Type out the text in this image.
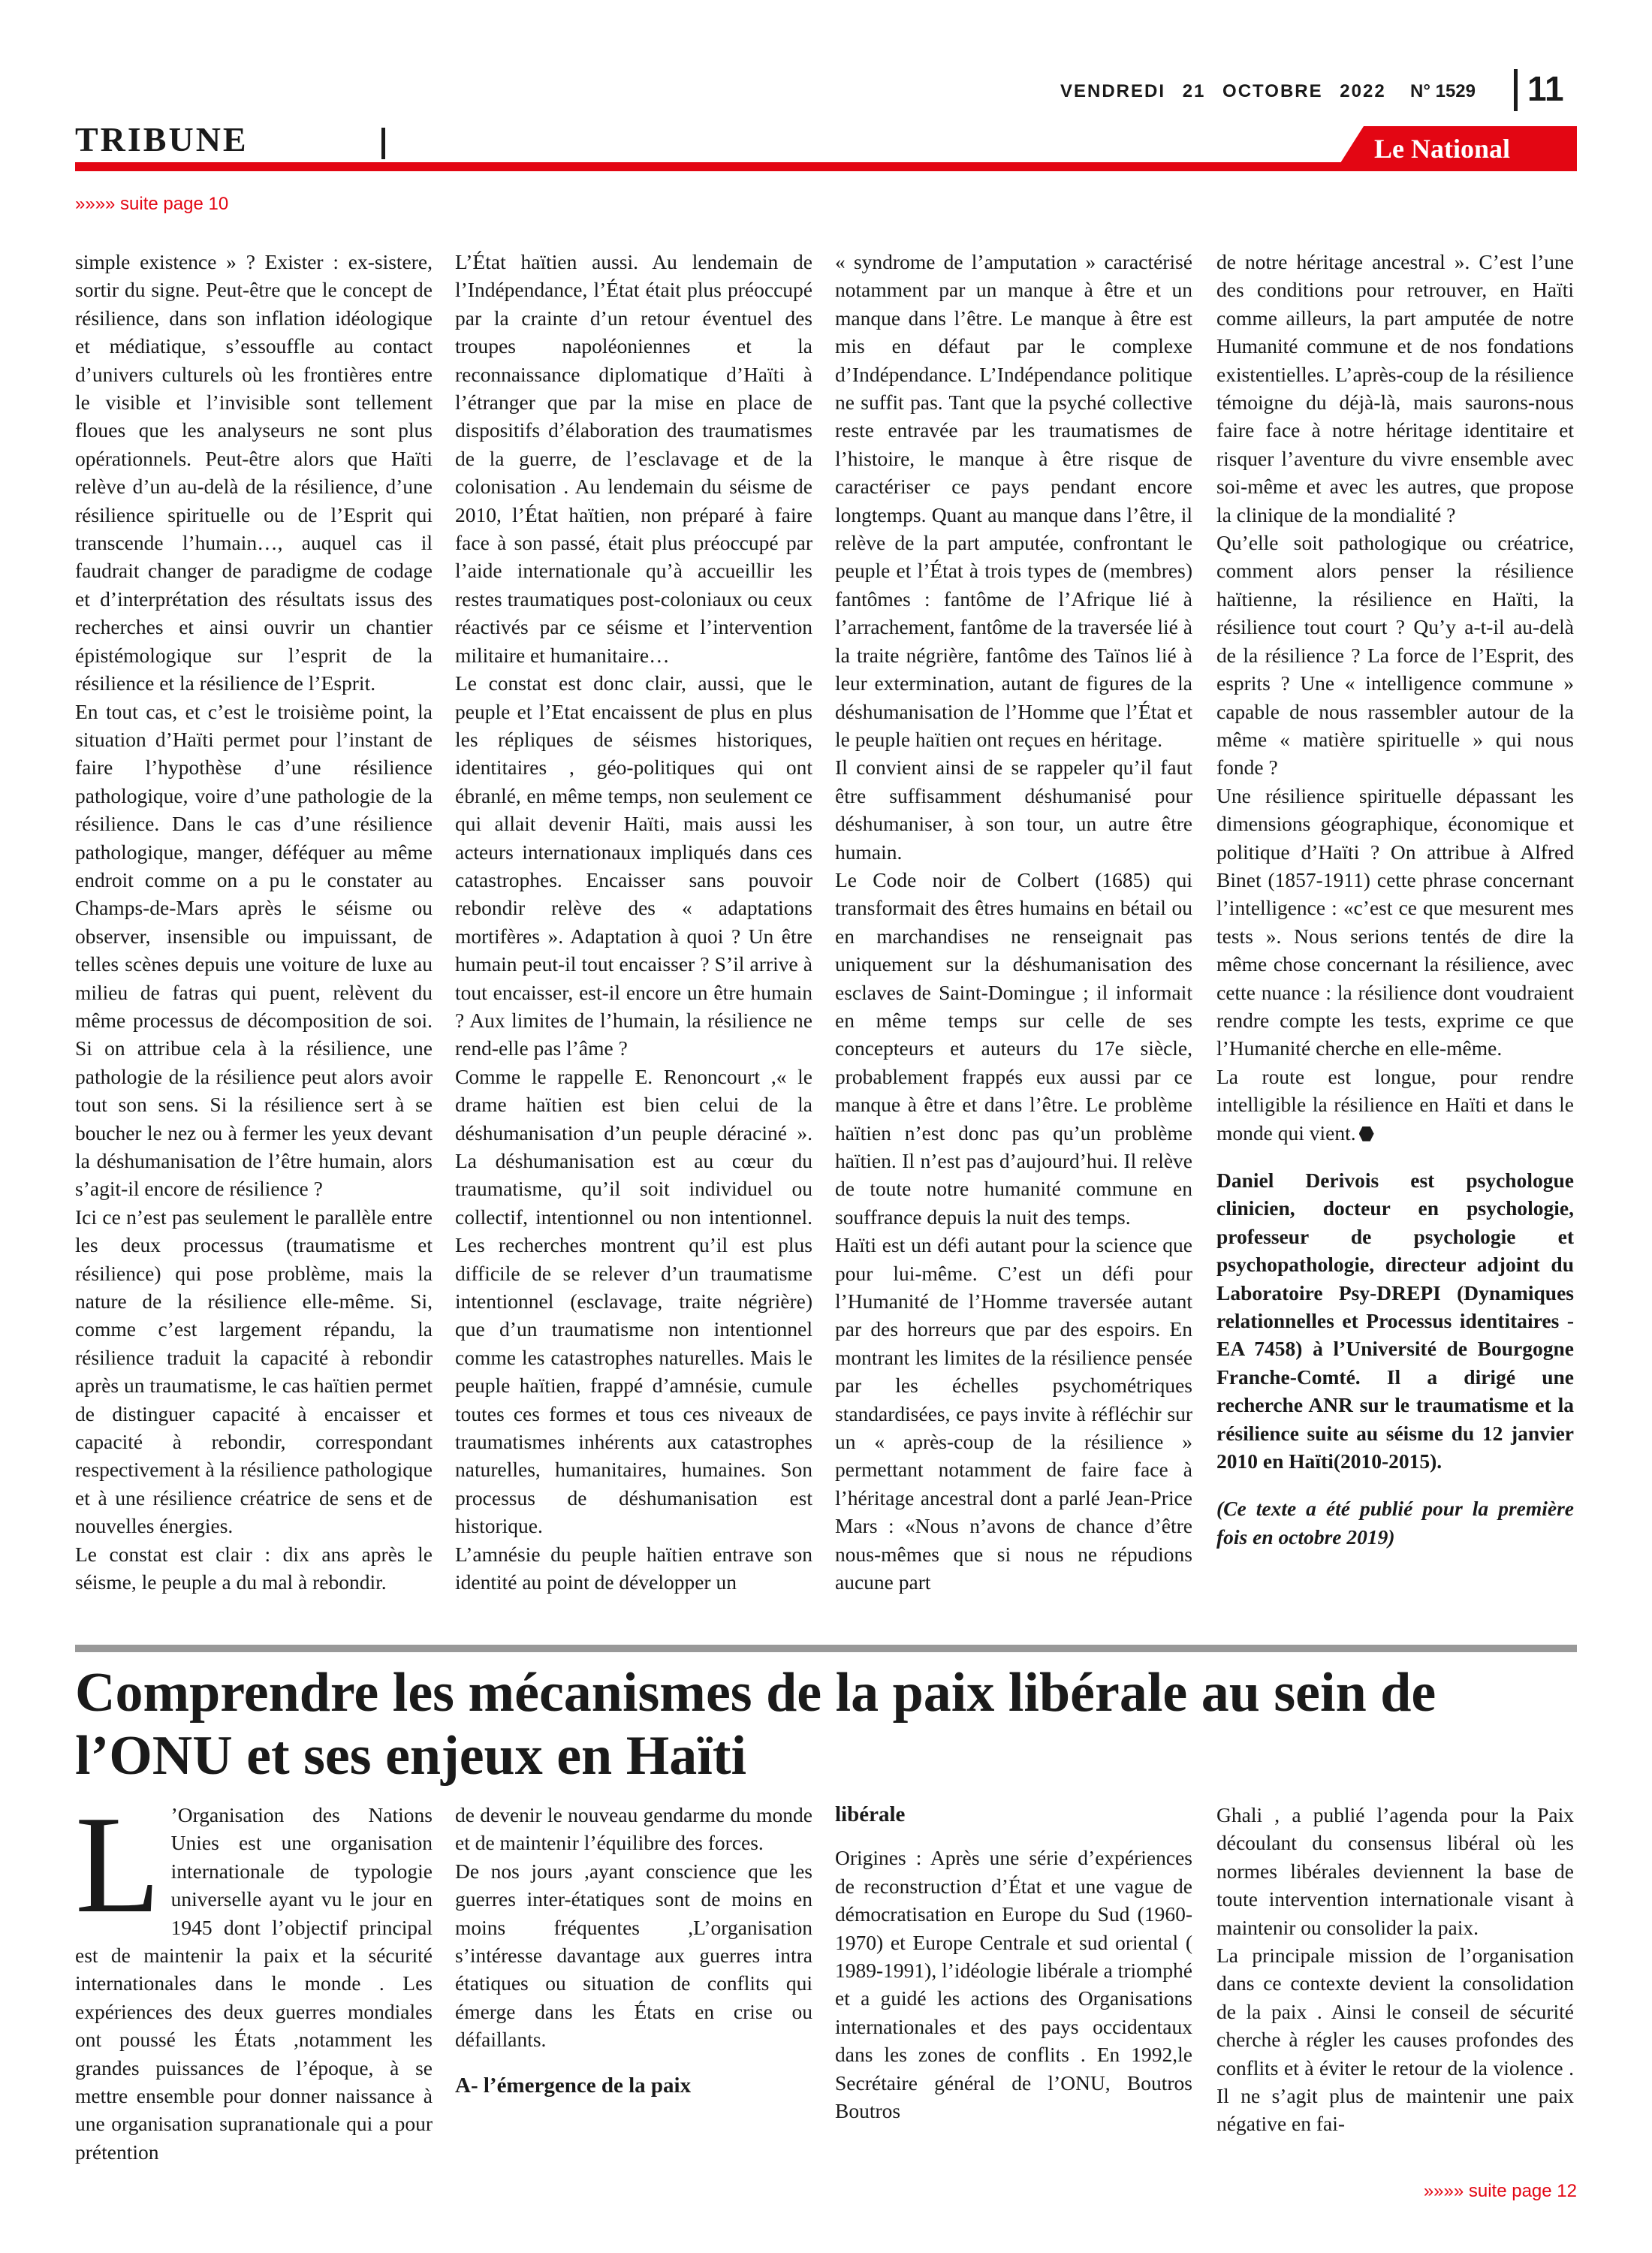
VENDREDI 21 OCTOBRE 2022 N° 1529 11
TRIBUNE	Le National
»»»» suite page 10

simple existence » ? Exister : ex-sistere, sortir du signe. Peut-être que le concept de résilience, dans son inflation idéologique et médiatique, s’essouffle au contact d’univers culturels où les frontières entre le visible et l’invisible sont tellement floues que les analyseurs ne sont plus opérationnels. Peut-être alors que Haïti relève d’un au-delà de la résilience, d’une résilience spirituelle ou de l’Esprit qui transcende l’humain…, auquel cas il faudrait changer de paradigme de codage et d’interprétation des résultats issus des recherches et ainsi ouvrir un chantier épistémologique sur l’esprit de la résilience et la résilience de l’Esprit.

En tout cas, et c’est le troisième point, la situation d’Haïti permet pour l’instant de faire l’hypothèse d’une résilience pathologique, voire d’une pathologie de la résilience. Dans le cas d’une résilience pathologique, manger, déféquer au même endroit comme on a pu le constater au Champs-de-Mars après le séisme ou observer, insensible ou impuissant, de telles scènes depuis une voiture de luxe au milieu de fatras qui puent, relèvent du même processus de décomposition de soi. Si on attribue cela à la résilience, une pathologie de la résilience peut alors avoir tout son sens. Si la résilience sert à se boucher le nez ou à fermer les yeux devant la déshumanisation de l’être humain, alors s’agit-il encore de résilience ?

Ici ce n’est pas seulement le parallèle entre les deux processus (traumatisme et résilience) qui pose problème, mais la nature de la résilience elle-même. Si, comme c’est largement répandu, la résilience traduit la capacité à rebondir après un traumatisme, le cas haïtien permet de distinguer capacité à encaisser et capacité à rebondir, correspondant respectivement à la résilience pathologique et à une résilience créatrice de sens et de nouvelles énergies.

Le constat est clair : dix ans après le séisme, le peuple a du mal à rebondir.

L’État haïtien aussi. Au lendemain de l’Indépendance, l’État était plus préoccupé par la crainte d’un retour éventuel des troupes napoléoniennes et la reconnaissance diplomatique d’Haïti à l’étranger que par la mise en place de dispositifs d’élaboration des traumatismes de la guerre, de l’esclavage et de la colonisation . Au lendemain du séisme de 2010, l’État haïtien, non préparé à faire face à son passé, était plus préoccupé par l’aide internationale qu’à accueillir les restes traumatiques post-coloniaux ou ceux réactivés par ce séisme et l’intervention militaire et humanitaire…

Le constat est donc clair, aussi, que le peuple et l’Etat encaissent de plus en plus les répliques de séismes historiques, identitaires , géo-politiques qui ont ébranlé, en même temps, non seulement ce qui allait devenir Haïti, mais aussi les acteurs internationaux impliqués dans ces catastrophes. Encaisser sans pouvoir rebondir relève des « adaptations mortifères ». Adaptation à quoi ? Un être humain peut-il tout encaisser ? S’il arrive à tout encaisser, est-il encore un être humain ? Aux limites de l’humain, la résilience ne rend-elle pas l’âme ?

Comme le rappelle E. Renoncourt ,« le drame haïtien est bien celui de la déshumanisation d’un peuple déraciné ». La déshumanisation est au cœur du traumatisme, qu’il soit individuel ou collectif, intentionnel ou non intentionnel. Les recherches montrent qu’il est plus difficile de se relever d’un traumatisme intentionnel (esclavage, traite négrière) que d’un traumatisme non intentionnel comme les catastrophes naturelles. Mais le peuple haïtien, frappé d’amnésie, cumule toutes ces formes et tous ces niveaux de traumatismes inhérents aux catastrophes naturelles, humanitaires, humaines. Son processus de déshumanisation est historique.

L’amnésie du peuple haïtien entrave son identité au point de développer un

« syndrome de l’amputation » caractérisé notamment par un manque à être et un manque dans l’être. Le manque à être est mis en défaut par le complexe d’Indépendance. L’Indépendance politique ne suffit pas. Tant que la psyché collective reste entravée par les traumatismes de l’histoire, le manque à être risque de caractériser ce pays pendant encore longtemps. Quant au manque dans l’être, il relève de la part amputée, confrontant le peuple et l’État à trois types de (membres) fantômes : fantôme de l’Afrique lié à l’arrachement, fantôme de la traversée lié à la traite négrière, fantôme des Taïnos lié à leur extermination, autant de figures de la déshumanisation de l’Homme que l’État et le peuple haïtien ont reçues en héritage.

Il convient ainsi de se rappeler qu’il faut être suffisamment déshumanisé pour déshumaniser, à son tour, un autre être humain.

Le Code noir de Colbert (1685) qui transformait des êtres humains en bétail ou en marchandises ne renseignait pas uniquement sur la déshumanisation des esclaves de Saint-Domingue ; il informait en même temps sur celle de ses concepteurs et auteurs du 17e siècle, probablement frappés eux aussi par ce manque à être et dans l’être. Le problème haïtien n’est donc pas qu’un problème haïtien. Il n’est pas d’aujourd’hui. Il relève de toute notre humanité commune en souffrance depuis la nuit des temps.

Haïti est un défi autant pour la science que pour lui-même. C’est un défi pour l’Humanité de l’Homme traversée autant par des horreurs que par des espoirs. En montrant les limites de la résilience pensée par les échelles psychométriques standardisées, ce pays invite à réfléchir sur un « après-coup de la résilience » permettant notamment de faire face à l’héritage ancestral dont a parlé Jean-Price Mars : «Nous n’avons de chance d’être nous-mêmes que si nous ne répudions aucune part

de notre héritage ancestral ». C’est l’une des conditions pour retrouver, en Haïti comme ailleurs, la part amputée de notre Humanité commune et de nos fondations existentielles. L’après-coup de la résilience témoigne du déjà-là, mais saurons-nous faire face à notre héritage identitaire et risquer l’aventure du vivre ensemble avec soi-même et avec les autres, que propose la clinique de la mondialité ?

Qu’elle soit pathologique ou créatrice, comment alors penser la résilience haïtienne, la résilience en Haïti, la résilience tout court ? Qu’y a-t-il au-delà de la résilience ? La force de l’Esprit, des esprits ? Une « intelligence commune » capable de nous rassembler autour de la même « matière spirituelle » qui nous fonde ?

Une résilience spirituelle dépassant les dimensions géographique, économique et politique d’Haïti ? On attribue à Alfred Binet (1857-1911) cette phrase concernant l’intelligence : «c’est ce que mesurent mes tests ». Nous serions tentés de dire la même chose concernant la résilience, avec cette nuance : la résilience dont voudraient rendre compte les tests, exprime ce que l’Humanité cherche en elle-même.

La route est longue, pour rendre intelligible la résilience en Haïti et dans le monde qui vient.

Daniel Derivois est psychologue clinicien, docteur en psychologie, professeur de psychologie et psychopathologie, directeur adjoint du Laboratoire Psy-DREPI (Dynamiques relationnelles et Processus identitaires - EA 7458) à l’Université de Bourgogne Franche-Comté. Il a dirigé une recherche ANR sur le traumatisme et la résilience suite au séisme du 12 janvier 2010 en Haïti(2010-2015).

(Ce texte a été publié pour la première fois en octobre 2019)

Comprendre les mécanismes de la paix libérale au sein de l’ONU et ses enjeux en Haïti

L ’Organisation des Nations Unies est une organisation internationale de typologie universelle ayant vu le jour en 1945 dont l’objectif principal est de maintenir la paix et la sécurité internationales dans le monde . Les expériences des deux guerres mondiales ont poussé les États ,notamment les grandes puissances de l’époque, à se mettre ensemble pour donner naissance à une organisation supranationale qui a pour prétention

de devenir le nouveau gendarme du monde et de maintenir l’équilibre des forces.

De nos jours ,ayant conscience que les guerres inter-étatiques sont de moins en moins fréquentes ,L’organisation s’intéresse davantage aux guerres intra étatiques ou situation de conflits qui émerge dans les États en crise ou défaillants.

A- l’émergence de la paix

libérale

Origines : Après une série d’expériences de reconstruction d’État et une vague de démocratisation en Europe du Sud (1960-1970) et Europe Centrale et sud oriental ( 1989-1991), l’idéologie libérale a triomphé et a guidé les actions des Organisations internationales et des pays occidentaux dans les zones de conflits . En 1992,le Secrétaire général de l’ONU, Boutros Boutros

Ghali , a publié l’agenda pour la Paix découlant du consensus libéral où les normes libérales deviennent la base de toute intervention internationale visant à maintenir ou consolider la paix.

La principale mission de l’organisation dans ce contexte devient la consolidation de la paix . Ainsi le conseil de sécurité cherche à régler les causes profondes des conflits et à éviter le retour de la violence . Il ne s’agit plus de maintenir une paix négative en fai-

»»»» suite page 12
